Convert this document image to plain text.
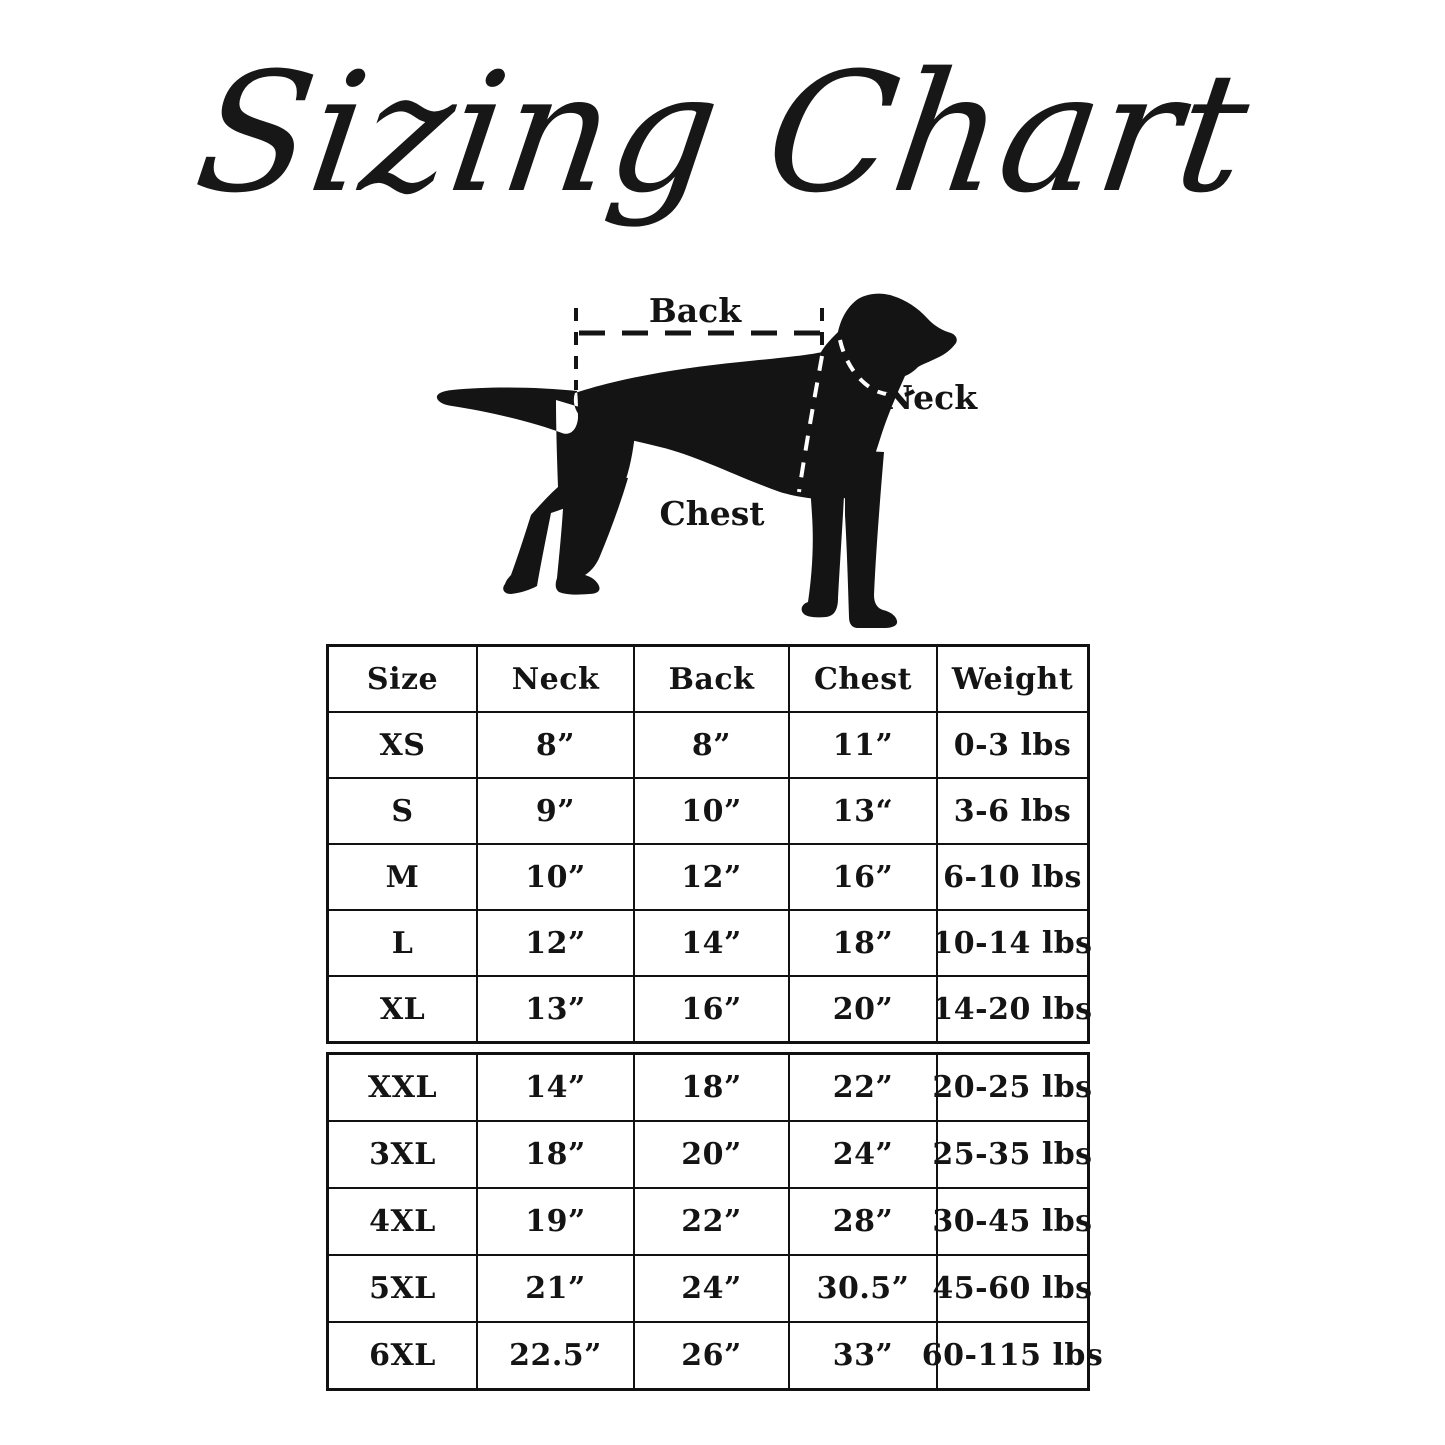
Sizing Chart
Back
Neck
Chest
Size	Neck	Back	Chest	Weight
XS	8”	8”	11”	0-3 lbs
S	9”	10”	13“	3-6 lbs
M	10”	12”	16”	6-10 lbs
L	12”	14”	18”	10-14 lbs
XL	13”	16”	20”	14-20 lbs
XXL	14”	18”	22”	20-25 lbs
3XL	18”	20”	24”	25-35 lbs
4XL	19”	22”	28”	30-45 lbs
5XL	21”	24”	30.5” 45-60 lbs
6XL	22.5”	26”	33” 60-115 lbs
